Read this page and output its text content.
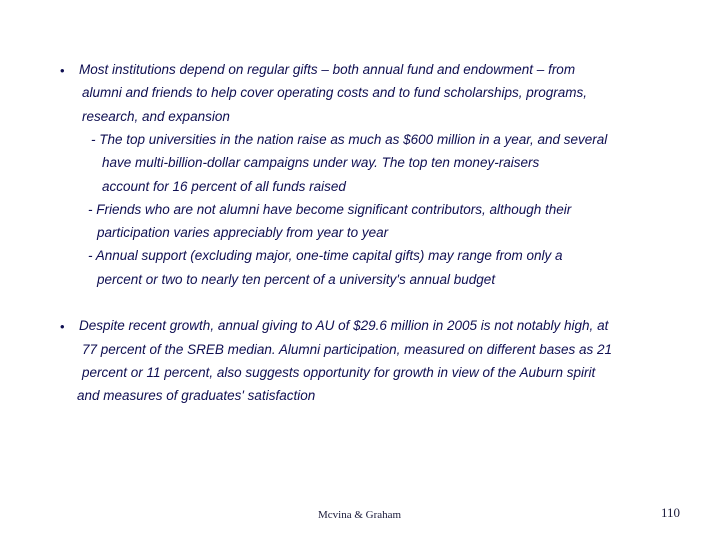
• Most institutions depend on regular gifts – both annual fund and endowment – from

alumni and friends to help cover operating costs and to fund scholarships, programs,

research, and expansion

- The top universities in the nation raise as much as $600 million in a year, and several

have multi-billion-dollar campaigns under way. The top ten money-raisers

account for 16 percent of all funds raised

- Friends who are not alumni have become significant contributors, although their

participation varies appreciably from year to year

- Annual support (excluding major, one-time capital gifts) may range from only a

percent or two to nearly ten percent of a university's annual budget

• Despite recent growth, annual giving to AU of $29.6 million in 2005 is not notably high, at

77 percent of the SREB median. Alumni participation, measured on different bases as 21

percent or 11 percent, also suggests opportunity for growth in view of the Auburn spirit

and measures of graduates' satisfaction

Mcvina & Graham	110
